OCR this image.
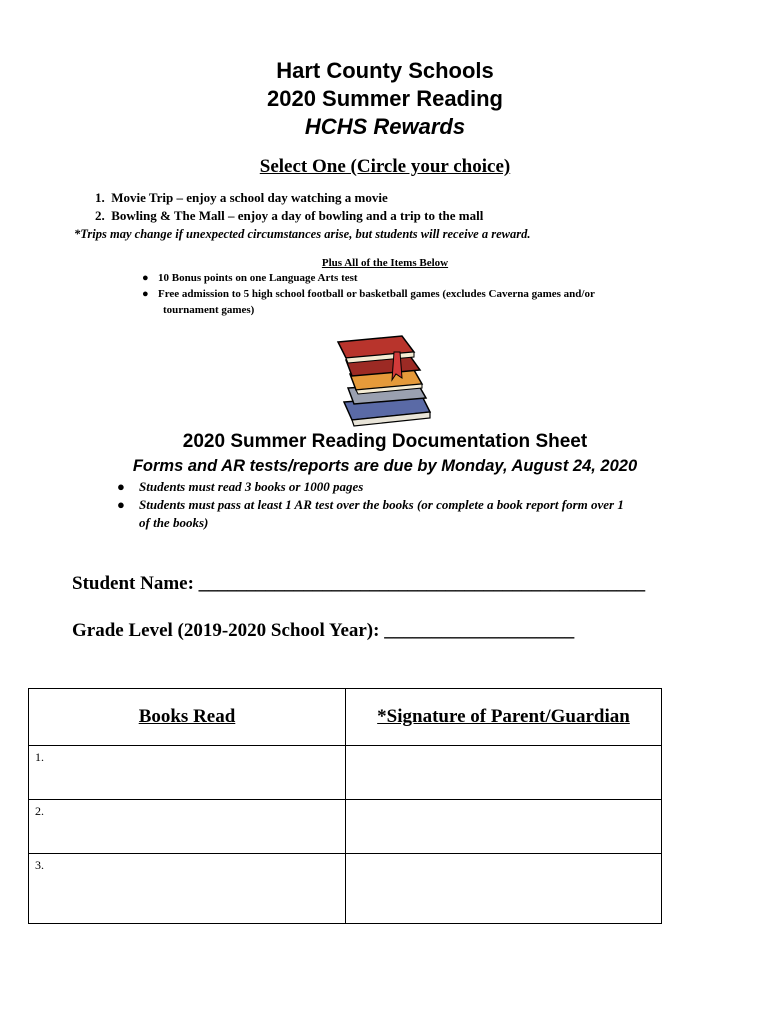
Hart County Schools
2020 Summer Reading
HCHS Rewards
Select One (Circle your choice)
1. Movie Trip – enjoy a school day watching a movie
2. Bowling & The Mall – enjoy a day of bowling and a trip to the mall
*Trips may change if unexpected circumstances arise, but students will receive a reward.
Plus All of the Items Below
● 10 Bonus points on one Language Arts test
● Free admission to 5 high school football or basketball games (excludes Caverna games and/or
tournament games)
2020 Summer Reading Documentation Sheet
Forms and AR tests/reports are due by Monday, August 24, 2020
●	Students must read 3 books or 1000 pages
●	Students must pass at least 1 AR test over the books (or complete a book report form over 1
of the books)
Student Name: _______________________________________________
Grade Level (2019-2020 School Year): ____________________
Books Read	*Signature of Parent/Guardian

1.	

2.	

3.	
